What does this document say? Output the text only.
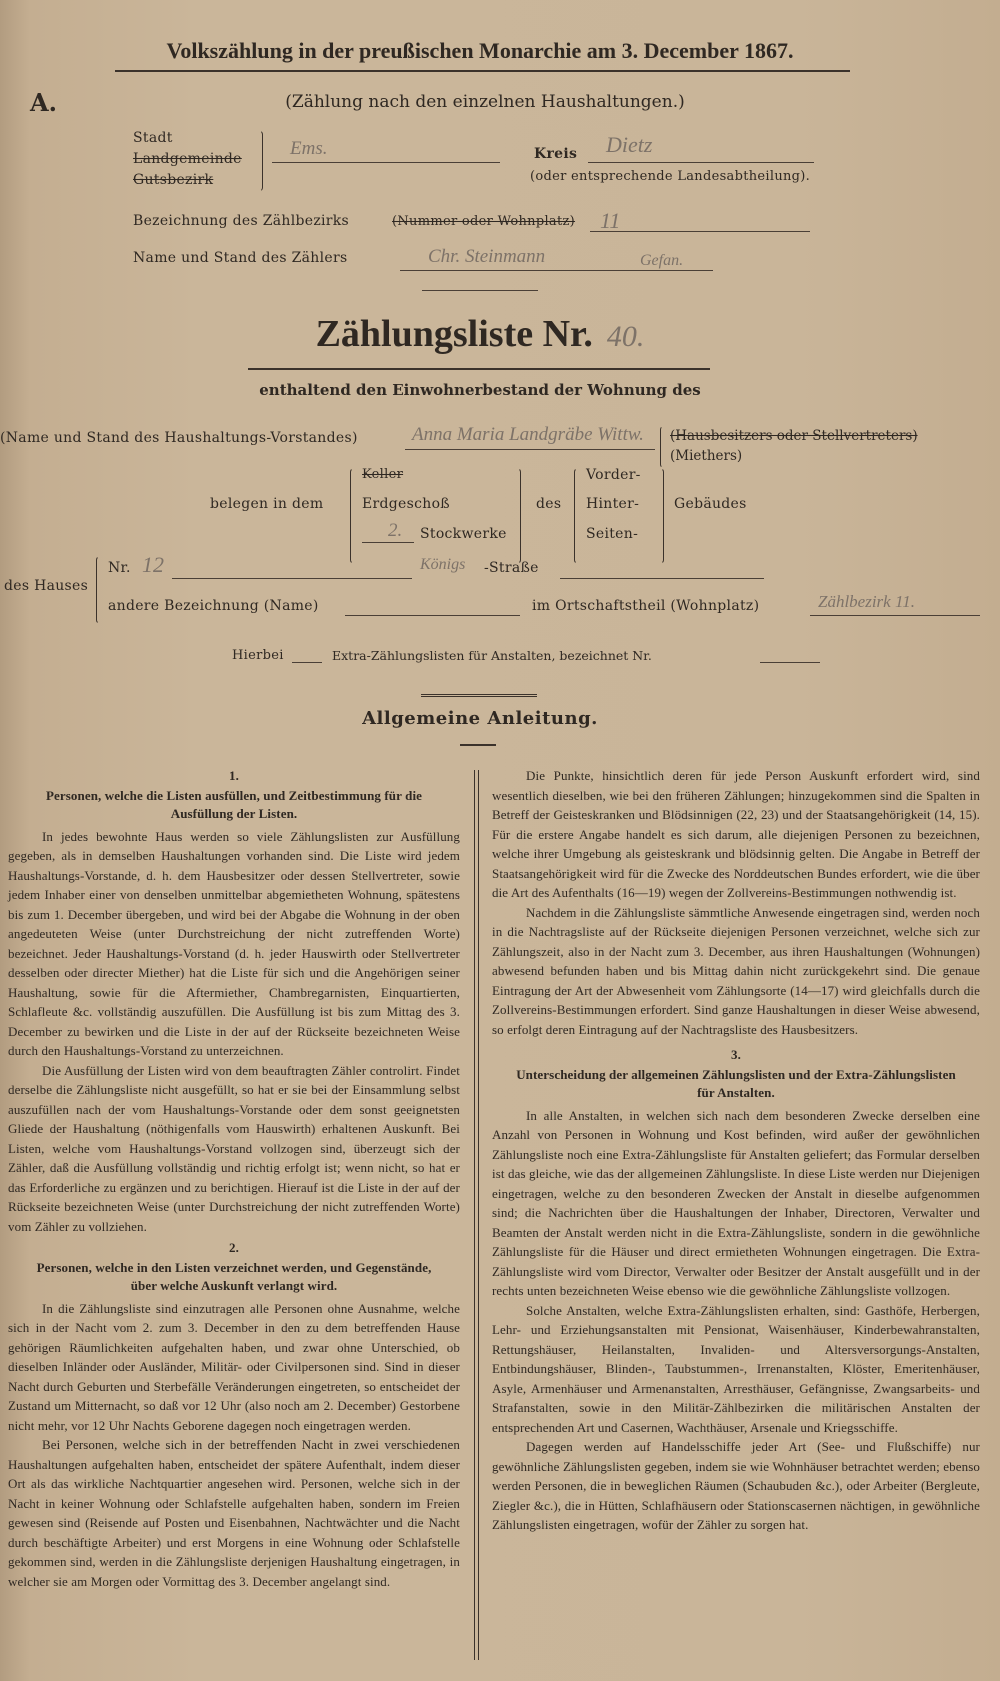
Volkszählung in der preußischen Monarchie am 3. December 1867.
A.	(Zählung nach den einzelnen Haushaltungen.)
Stadt
Landgemeinde
Gutsbezirk
Ems.	Kreis Dietz
(oder entsprechende Landesabtheilung).
Bezeichnung des Zählbezirks	(Nummer oder Wohnplatz) 11
Name und Stand des Zählers	Chr. Steinmann	Gefan.
Zählungsliste Nr. 40.
enthaltend den Einwohnerbestand der Wohnung des
(Name und Stand des Haushaltungs-Vorstandes)	Anna Maria Landgräbe Wittw. (Hausbesitzers oder Stellvertreters)
(Miethers)
belegen in dem
Keller
Erdgeschoß
2. Stockwerke
des
Vorder-
Hinter-
Seiten-
Gebäudes
des Hauses
Nr. 12	Königs -Straße
andere Bezeichnung (Name)	im Ortschaftstheil (Wohnplatz)	Zählbezirk 11.
Hierbei	Extra-Zählungslisten für Anstalten, bezeichnet Nr.
Allgemeine Anleitung.
1.
Personen, welche die Listen ausfüllen, und Zeitbestimmung für die Ausfüllung der Listen.

In jedes bewohnte Haus werden so viele Zählungslisten zur Ausfüllung gegeben, als in demselben Haushaltungen vorhanden sind. Die Liste wird jedem Haushaltungs-Vorstande, d. h. dem Hausbesitzer oder dessen Stellvertreter, sowie jedem Inhaber einer von denselben unmittelbar abgemietheten Wohnung, spätestens bis zum 1. December übergeben, und wird bei der Abgabe die Wohnung in der oben angedeuteten Weise (unter Durchstreichung der nicht zutreffenden Worte) bezeichnet. Jeder Haushaltungs-Vorstand (d. h. jeder Hauswirth oder Stellvertreter desselben oder directer Miether) hat die Liste für sich und die Angehörigen seiner Haushaltung, sowie für die Aftermiether, Chambregarnisten, Einquartierten, Schlafleute &c. vollständig auszufüllen. Die Ausfüllung ist bis zum Mittag des 3. December zu bewirken und die Liste in der auf der Rückseite bezeichneten Weise durch den Haushaltungs-Vorstand zu unterzeichnen.

Die Ausfüllung der Listen wird von dem beauftragten Zähler controlirt. Findet derselbe die Zählungsliste nicht ausgefüllt, so hat er sie bei der Einsammlung selbst auszufüllen nach der vom Haushaltungs-Vorstande oder dem sonst geeignetsten Gliede der Haushaltung (nöthigenfalls vom Hauswirth) erhaltenen Auskunft. Bei Listen, welche vom Haushaltungs-Vorstand vollzogen sind, überzeugt sich der Zähler, daß die Ausfüllung vollständig und richtig erfolgt ist; wenn nicht, so hat er das Erforderliche zu ergänzen und zu berichtigen. Hierauf ist die Liste in der auf der Rückseite bezeichneten Weise (unter Durchstreichung der nicht zutreffenden Worte) vom Zähler zu vollziehen.

2.
Personen, welche in den Listen verzeichnet werden, und Gegenstände, über welche Auskunft verlangt wird.

In die Zählungsliste sind einzutragen alle Personen ohne Ausnahme, welche sich in der Nacht vom 2. zum 3. December in den zu dem betreffenden Hause gehörigen Räumlichkeiten aufgehalten haben, und zwar ohne Unterschied, ob dieselben Inländer oder Ausländer, Militär- oder Civilpersonen sind. Sind in dieser Nacht durch Geburten und Sterbefälle Veränderungen eingetreten, so entscheidet der Zustand um Mitternacht, so daß vor 12 Uhr (also noch am 2. December) Gestorbene nicht mehr, vor 12 Uhr Nachts Geborene dagegen noch eingetragen werden.

Bei Personen, welche sich in der betreffenden Nacht in zwei verschiedenen Haushaltungen aufgehalten haben, entscheidet der spätere Aufenthalt, indem dieser Ort als das wirkliche Nachtquartier angesehen wird. Personen, welche sich in der Nacht in keiner Wohnung oder Schlafstelle aufgehalten haben, sondern im Freien gewesen sind (Reisende auf Posten und Eisenbahnen, Nachtwächter und die Nacht durch beschäftigte Arbeiter) und erst Morgens in eine Wohnung oder Schlafstelle gekommen sind, werden in die Zählungsliste derjenigen Haushaltung eingetragen, in welcher sie am Morgen oder Vormittag des 3. December angelangt sind.

Die Punkte, hinsichtlich deren für jede Person Auskunft erfordert wird, sind wesentlich dieselben, wie bei den früheren Zählungen; hinzugekommen sind die Spalten in Betreff der Geisteskranken und Blödsinnigen (22, 23) und der Staatsangehörigkeit (14, 15). Für die erstere Angabe handelt es sich darum, alle diejenigen Personen zu bezeichnen, welche ihrer Umgebung als geisteskrank und blödsinnig gelten. Die Angabe in Betreff der Staatsangehörigkeit wird für die Zwecke des Norddeutschen Bundes erfordert, wie die über die Art des Aufenthalts (16—19) wegen der Zollvereins-Bestimmungen nothwendig ist.

Nachdem in die Zählungsliste sämmtliche Anwesende eingetragen sind, werden noch in die Nachtragsliste auf der Rückseite diejenigen Personen verzeichnet, welche sich zur Zählungszeit, also in der Nacht zum 3. December, aus ihren Haushaltungen (Wohnungen) abwesend befunden haben und bis Mittag dahin nicht zurückgekehrt sind. Die genaue Eintragung der Art der Abwesenheit vom Zählungsorte (14—17) wird gleichfalls durch die Zollvereins-Bestimmungen erfordert. Sind ganze Haushaltungen in dieser Weise abwesend, so erfolgt deren Eintragung auf der Nachtragsliste des Hausbesitzers.

3.
Unterscheidung der allgemeinen Zählungslisten und der Extra-Zählungslisten für Anstalten.

In alle Anstalten, in welchen sich nach dem besonderen Zwecke derselben eine Anzahl von Personen in Wohnung und Kost befinden, wird außer der gewöhnlichen Zählungsliste noch eine Extra-Zählungsliste für Anstalten geliefert; das Formular derselben ist das gleiche, wie das der allgemeinen Zählungsliste. In diese Liste werden nur Diejenigen eingetragen, welche zu den besonderen Zwecken der Anstalt in dieselbe aufgenommen sind; die Nachrichten über die Haushaltungen der Inhaber, Directoren, Verwalter und Beamten der Anstalt werden nicht in die Extra-Zählungsliste, sondern in die gewöhnliche Zählungsliste für die Häuser und direct ermietheten Wohnungen eingetragen. Die Extra-Zählungsliste wird vom Director, Verwalter oder Besitzer der Anstalt ausgefüllt und in der rechts unten bezeichneten Weise ebenso wie die gewöhnliche Zählungsliste vollzogen.

Solche Anstalten, welche Extra-Zählungslisten erhalten, sind: Gasthöfe, Herbergen, Lehr- und Erziehungsanstalten mit Pensionat, Waisenhäuser, Kinderbewahranstalten, Rettungshäuser, Heilanstalten, Invaliden- und Altersversorgungs-Anstalten, Entbindungshäuser, Blinden-, Taubstummen-, Irrenanstalten, Klöster, Emeritenhäuser, Asyle, Armenhäuser und Armenanstalten, Arresthäuser, Gefängnisse, Zwangsarbeits- und Strafanstalten, sowie in den Militär-Zählbezirken die militärischen Anstalten der entsprechenden Art und Casernen, Wachthäuser, Arsenale und Kriegsschiffe.

Dagegen werden auf Handelsschiffe jeder Art (See- und Flußschiffe) nur gewöhnliche Zählungslisten gegeben, indem sie wie Wohnhäuser betrachtet werden; ebenso werden Personen, die in beweglichen Räumen (Schaubuden &c.), oder Arbeiter (Bergleute, Ziegler &c.), die in Hütten, Schlafhäusern oder Stationscasernen nächtigen, in gewöhnliche Zählungslisten eingetragen, wofür der Zähler zu sorgen hat.
